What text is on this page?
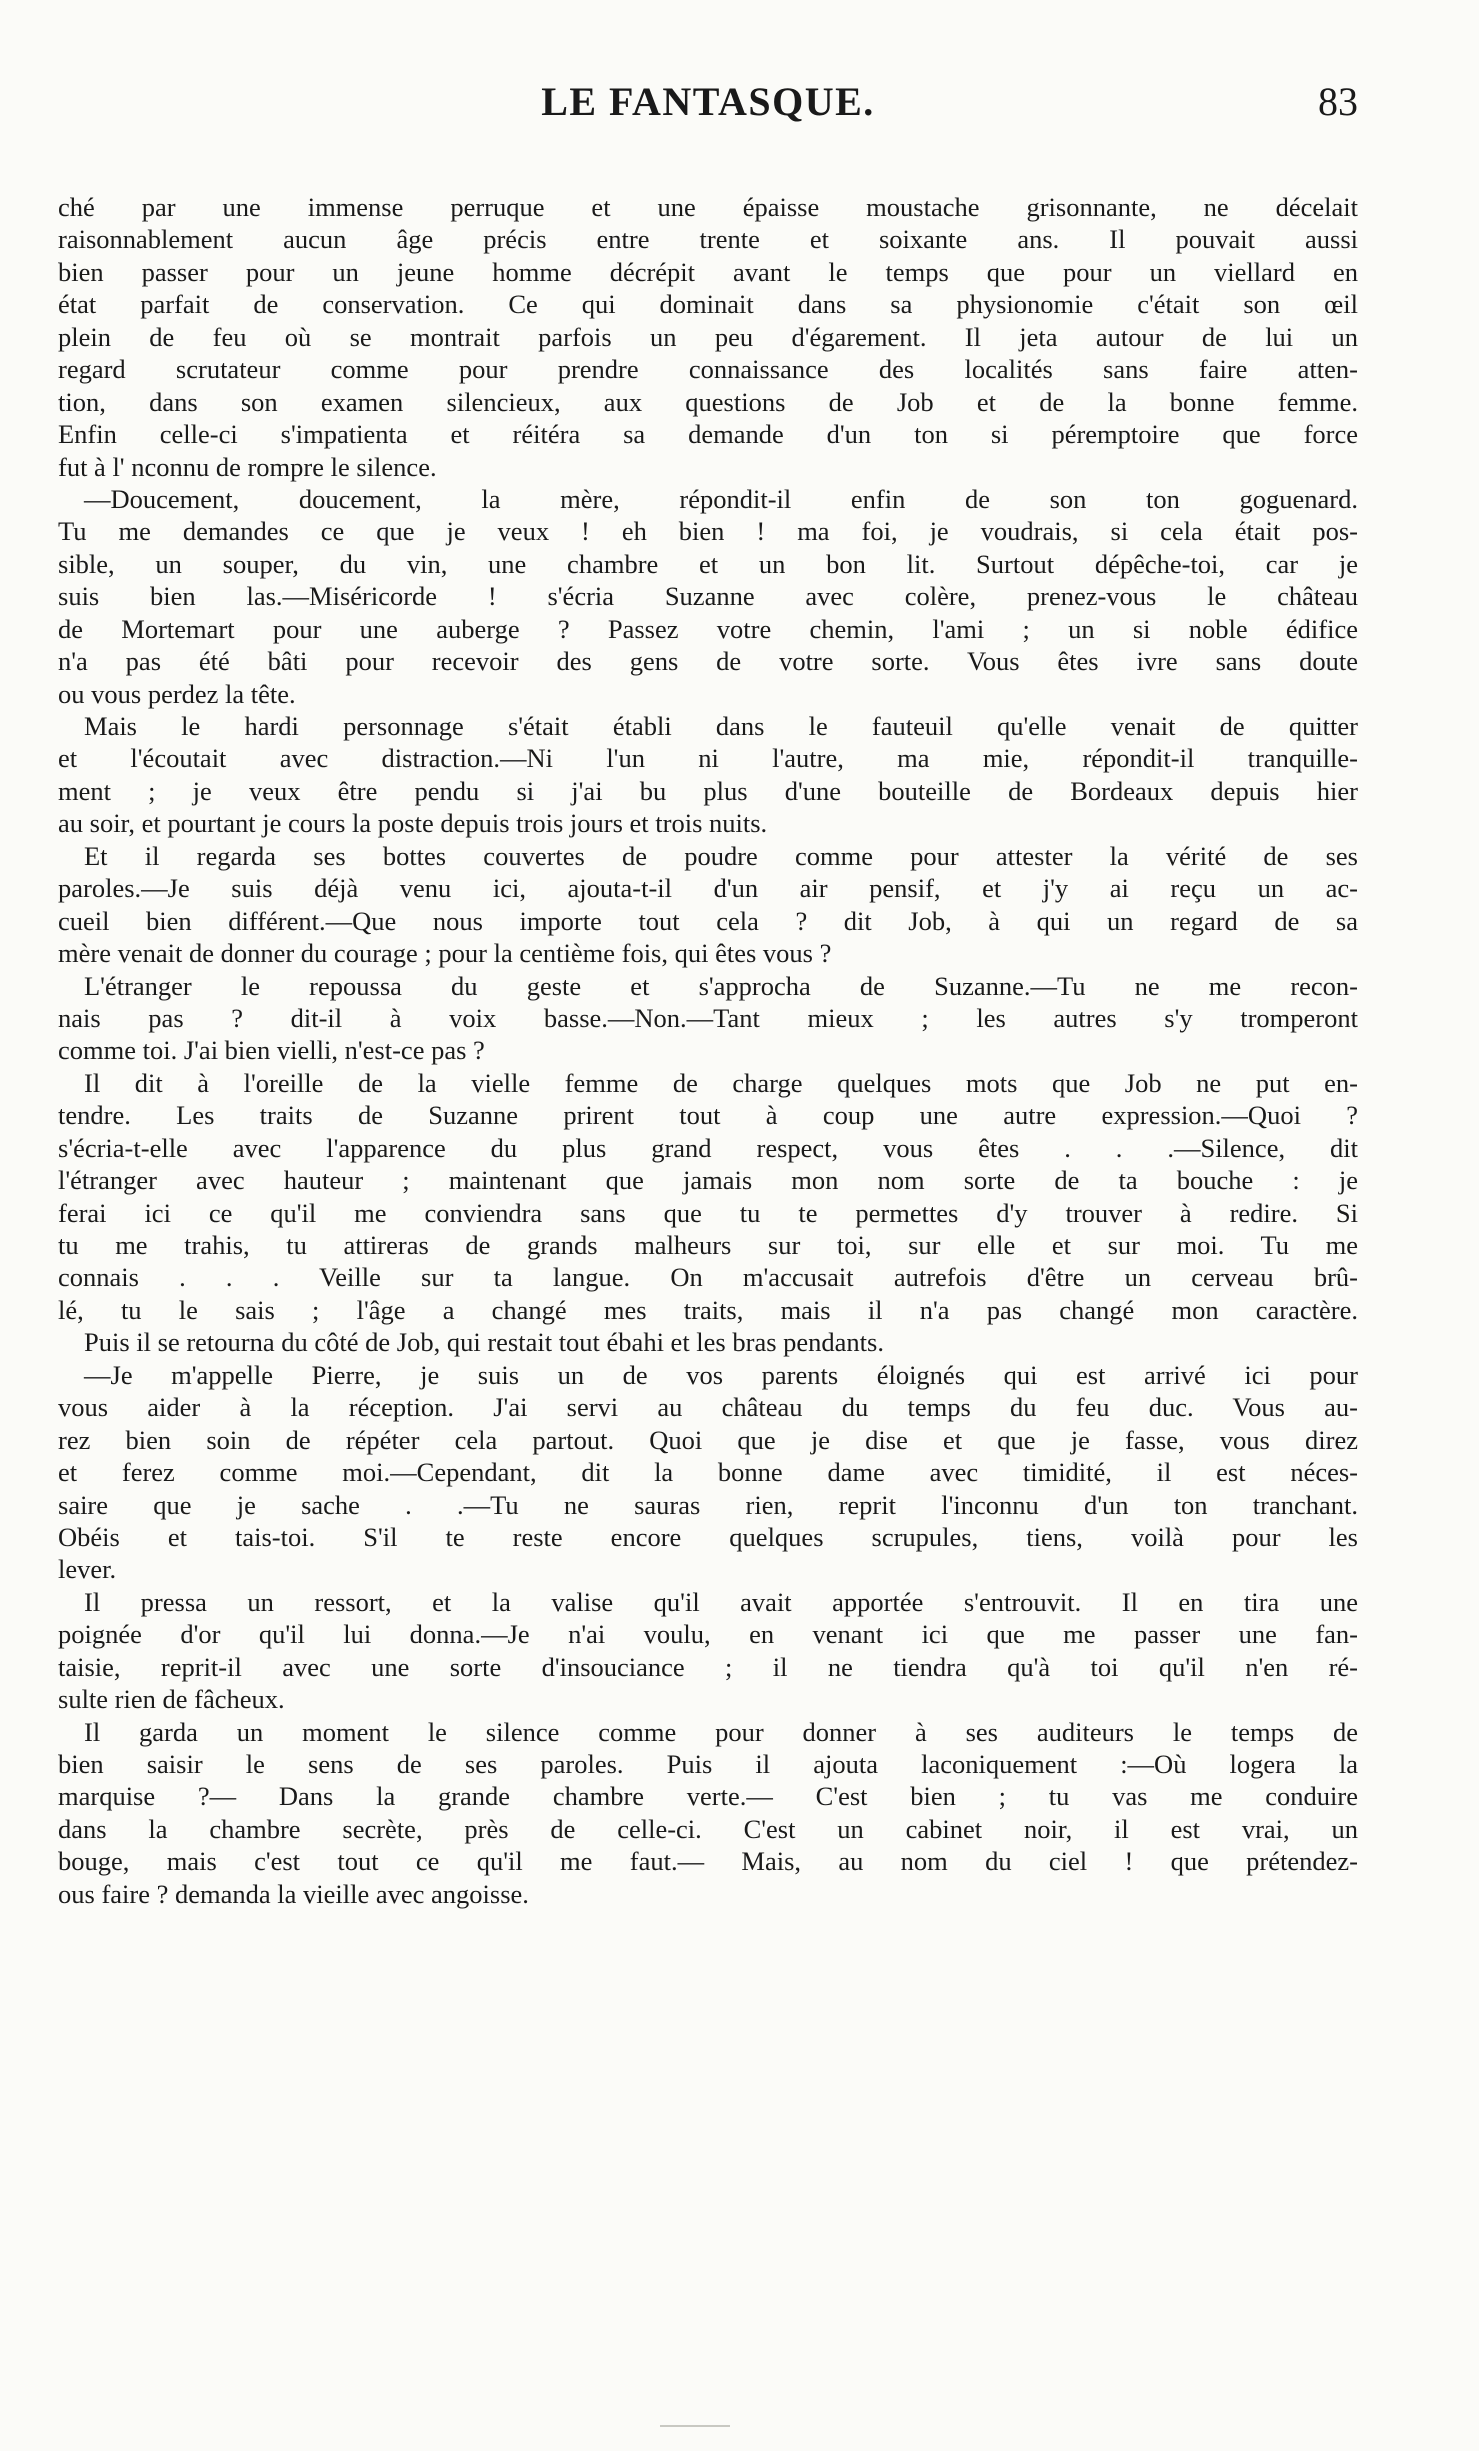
LE FANTASQUE.	83
ché par une immense perruque et une épaisse moustache grisonnante, ne décelait
raisonnablement aucun âge précis entre trente et soixante ans. Il pouvait aussi
bien passer pour un jeune homme décrépit avant le temps que pour un viellard en
état parfait de conservation. Ce qui dominait dans sa physionomie c'était son œil
plein de feu où se montrait parfois un peu d'égarement. Il jeta autour de lui un
regard scrutateur comme pour prendre connaissance des localités sans faire atten-
tion, dans son examen silencieux, aux questions de Job et de la bonne femme.
Enfin celle-ci s'impatienta et réitéra sa demande d'un ton si péremptoire que force
fut à l' nconnu de rompre le silence.
—Doucement, doucement, la mère, répondit-il enfin de son ton goguenard.
Tu me demandes ce que je veux ! eh bien ! ma foi, je voudrais, si cela était pos-
sible, un souper, du vin, une chambre et un bon lit. Surtout dépêche-toi, car je
suis bien las.—Miséricorde ! s'écria Suzanne avec colère, prenez-vous le château
de Mortemart pour une auberge ? Passez votre chemin, l'ami ; un si noble édifice
n'a pas été bâti pour recevoir des gens de votre sorte. Vous êtes ivre sans doute
ou vous perdez la tête.
Mais le hardi personnage s'était établi dans le fauteuil qu'elle venait de quitter
et l'écoutait avec distraction.—Ni l'un ni l'autre, ma mie, répondit-il tranquille-
ment ; je veux être pendu si j'ai bu plus d'une bouteille de Bordeaux depuis hier
au soir, et pourtant je cours la poste depuis trois jours et trois nuits.
Et il regarda ses bottes couvertes de poudre comme pour attester la vérité de ses
paroles.—Je suis déjà venu ici, ajouta-t-il d'un air pensif, et j'y ai reçu un ac-
cueil bien différent.—Que nous importe tout cela ? dit Job, à qui un regard de sa
mère venait de donner du courage ; pour la centième fois, qui êtes vous ?
L'étranger le repoussa du geste et s'approcha de Suzanne.—Tu ne me recon-
nais pas ? dit-il à voix basse.—Non.—Tant mieux ; les autres s'y tromperont
comme toi. J'ai bien vielli, n'est-ce pas ?
Il dit à l'oreille de la vielle femme de charge quelques mots que Job ne put en-
tendre. Les traits de Suzanne prirent tout à coup une autre expression.—Quoi ?
s'écria-t-elle avec l'apparence du plus grand respect, vous êtes . . .—Silence, dit
l'étranger avec hauteur ; maintenant que jamais mon nom sorte de ta bouche : je
ferai ici ce qu'il me conviendra sans que tu te permettes d'y trouver à redire. Si
tu me trahis, tu attireras de grands malheurs sur toi, sur elle et sur moi. Tu me
connais . . . Veille sur ta langue. On m'accusait autrefois d'être un cerveau brû-
lé, tu le sais ; l'âge a changé mes traits, mais il n'a pas changé mon caractère.
Puis il se retourna du côté de Job, qui restait tout ébahi et les bras pendants.
—Je m'appelle Pierre, je suis un de vos parents éloignés qui est arrivé ici pour
vous aider à la réception. J'ai servi au château du temps du feu duc. Vous au-
rez bien soin de répéter cela partout. Quoi que je dise et que je fasse, vous direz
et ferez comme moi.—Cependant, dit la bonne dame avec timidité, il est néces-
saire que je sache . .—Tu ne sauras rien, reprit l'inconnu d'un ton tranchant.
Obéis et tais-toi. S'il te reste encore quelques scrupules, tiens, voilà pour les
lever.
Il pressa un ressort, et la valise qu'il avait apportée s'entrouvit. Il en tira une
poignée d'or qu'il lui donna.—Je n'ai voulu, en venant ici que me passer une fan-
taisie, reprit-il avec une sorte d'insouciance ; il ne tiendra qu'à toi qu'il n'en ré-
sulte rien de fâcheux.
Il garda un moment le silence comme pour donner à ses auditeurs le temps de
bien saisir le sens de ses paroles. Puis il ajouta laconiquement :—Où logera la
marquise ?— Dans la grande chambre verte.— C'est bien ; tu vas me conduire
dans la chambre secrète, près de celle-ci. C'est un cabinet noir, il est vrai, un
bouge, mais c'est tout ce qu'il me faut.— Mais, au nom du ciel ! que prétendez-
ous faire ? demanda la vieille avec angoisse.
